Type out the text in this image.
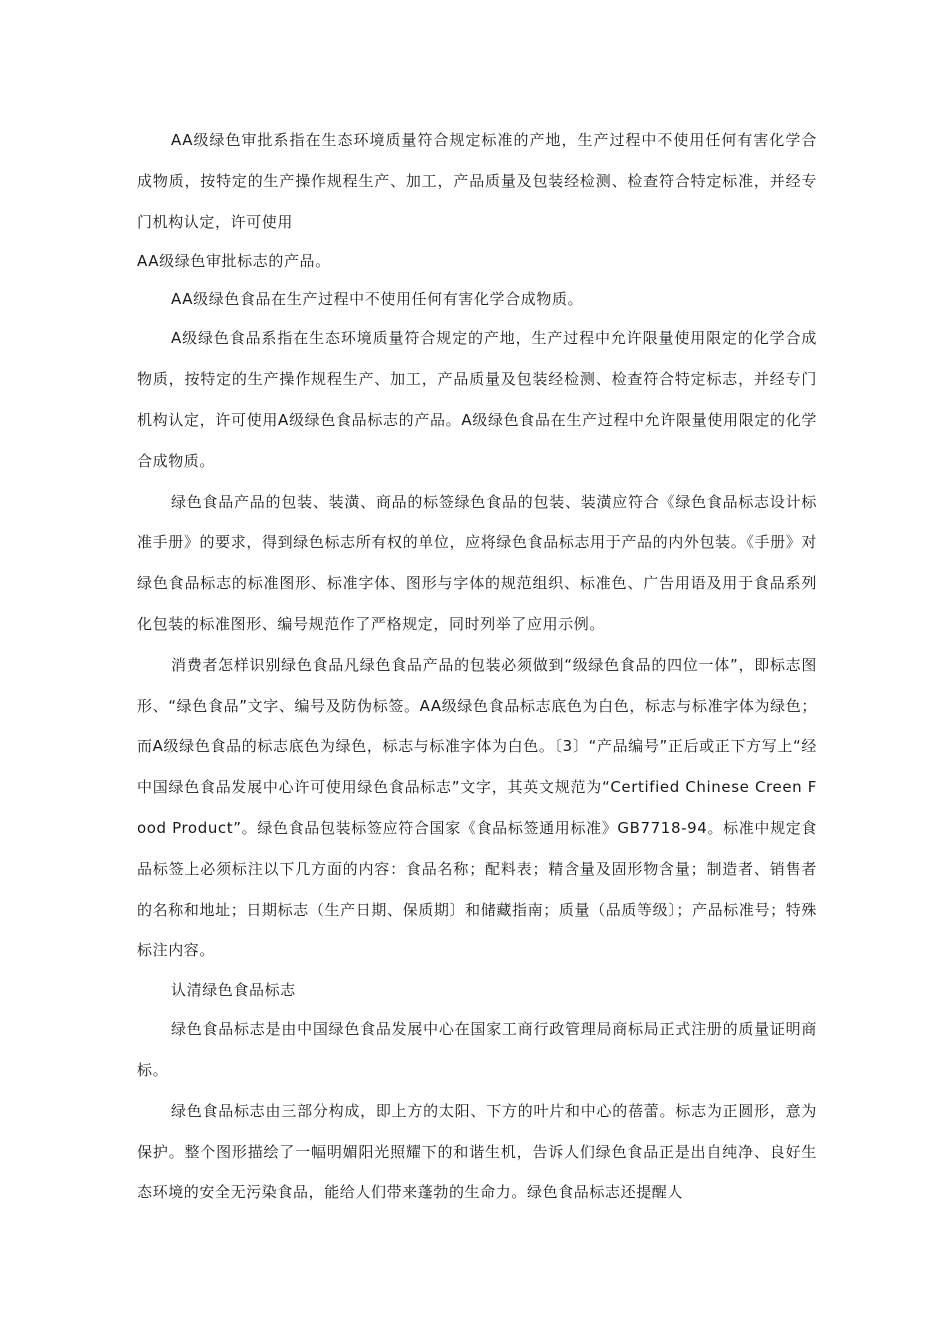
AA级绿色审批系指在生态环境质量符合规定标准的产地，生产过程中不使用任何有害化学合成物质，按特定的生产操作规程生产、加工，产品质量及包装经检测、检查符合特定标准，并经专门机构认定，许可使用

AA级绿色审批标志的产品。

AA级绿色食品在生产过程中不使用任何有害化学合成物质。

A级绿色食品系指在生态环境质量符合规定的产地，生产过程中允许限量使用限定的化学合成物质，按特定的生产操作规程生产、加工，产品质量及包装经检测、检查符合特定标志，并经专门机构认定，许可使用A级绿色食品标志的产品。A级绿色食品在生产过程中允许限量使用限定的化学合成物质。

绿色食品产品的包装、装潢、商品的标签绿色食品的包装、装潢应符合《绿色食品标志设计标准手册》的要求，得到绿色标志所有权的单位，应将绿色食品标志用于产品的内外包装。《手册》对绿色食品标志的标准图形、标准字体、图形与字体的规范组织、标准色、广告用语及用于食品系列化包装的标准图形、编号规范作了严格规定，同时列举了应用示例。

消费者怎样识别绿色食品凡绿色食品产品的包装必须做到“级绿色食品的四位一体”，即标志图形、“绿色食品”文字、编号及防伪标签。AA级绿色食品标志底色为白色，标志与标准字体为绿色；而A级绿色食品的标志底色为绿色，标志与标准字体为白色。〔3〕“产品编号”正后或正下方写上“经中国绿色食品发展中心许可使用绿色食品标志”文字，其英文规范为“Certified Chinese Creen Food Product”。绿色食品包装标签应符合国家《食品标签通用标准》GB7718-94。标准中规定食品标签上必须标注以下几方面的内容：食品名称；配料表；精含量及固形物含量；制造者、销售者的名称和地址；日期标志（生产日期、保质期〕和储藏指南；质量（品质等级〕；产品标准号；特殊标注内容。

认清绿色食品标志

绿色食品标志是由中国绿色食品发展中心在国家工商行政管理局商标局正式注册的质量证明商标。

绿色食品标志由三部分构成，即上方的太阳、下方的叶片和中心的蓓蕾。标志为正圆形，意为保护。整个图形描绘了一幅明媚阳光照耀下的和谐生机，告诉人们绿色食品正是出自纯净、良好生态环境的安全无污染食品，能给人们带来蓬勃的生命力。绿色食品标志还提醒人
